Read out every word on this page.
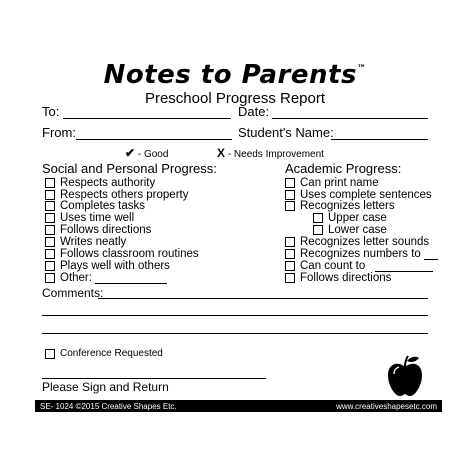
Notes to Parents™
Preschool Progress Report
To:	Date:
From:	Student's Name:
✔ - Good	X - Needs Improvement
Social and Personal Progress:	Academic Progress:
Respects authority
Respects others property
Completes tasks
Uses time well
Follows directions
Writes neatly
Follows classroom routines
Plays well with others
Other:
Can print name
Uses complete sentences
Recognizes letters
Upper case
Lower case
Recognizes letter sounds
Recognizes numbers to
Can count to
Follows directions
Comments:
Conference Requested
Please Sign and Return
SE- 1024 ©2015 Creative Shapes Etc.	www.creativeshapesetc.com
